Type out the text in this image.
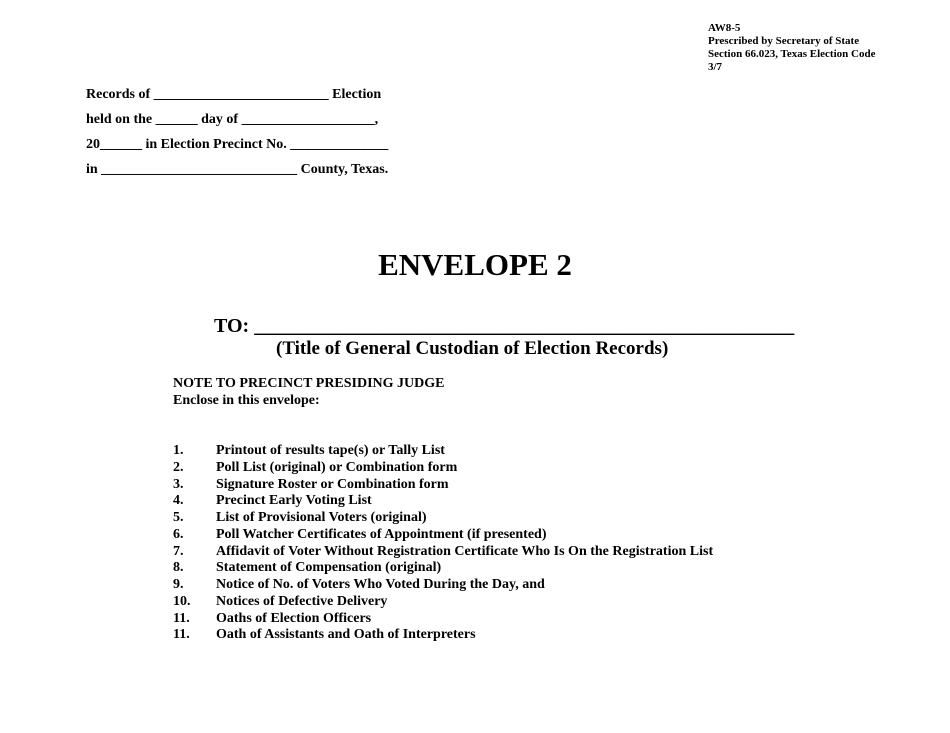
AW8-5
Prescribed by Secretary of State
Section 66.023, Texas Election Code
3/7
Records of _________________________ Election
held on the ______ day of ___________________,
20______ in Election Precinct No. ______________
in ____________________________ County, Texas.
ENVELOPE 2
TO: ______________________________________________________
(Title of General Custodian of Election Records)
NOTE TO PRECINCT PRESIDING JUDGE
Enclose in this envelope:
1. Printout of results tape(s) or Tally List
2. Poll List (original) or Combination form
3. Signature Roster or Combination form
4. Precinct Early Voting List
5. List of Provisional Voters (original)
6. Poll Watcher Certificates of Appointment (if presented)
7. Affidavit of Voter Without Registration Certificate Who Is On the Registration List
8. Statement of Compensation (original)
9. Notice of No. of Voters Who Voted During the Day, and
10. Notices of Defective Delivery
11. Oaths of Election Officers
11. Oath of Assistants and Oath of Interpreters
